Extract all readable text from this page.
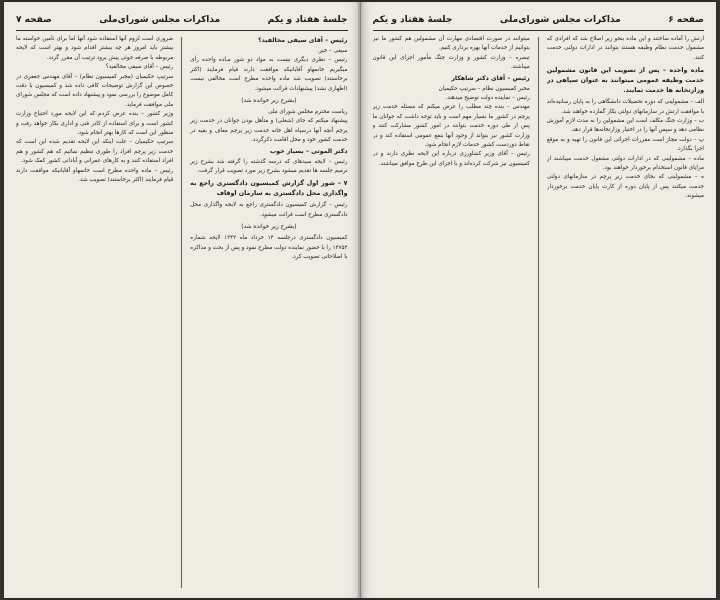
جلسهٔ هفتاد و یکم
مذاکرات مجلس شورای‌ملی
صفحه ۷

رئیس – آقای سیفی مخالفید؟

سیفی – خیر.

رئیس – نظری دیگری نیست به مواد دو شور مـاده واحده رأی میگیریم خانمهاو آقایانیکه موافقت دارند قیام فرمایند (اکثر برخاستند) تصویب شد ماده واحده مطرح است مخالفی نیست (اظهاری نشد) پیشنهادات قرائت میشود.

(بشرح زیر خوانده شد)

ریاست محترم مجلس شورای ملی

پیشنهاد میکنم که جای (شغلی) و متأهل بودن جوانان در خدمت زیر پرچم آنچه آنها درسپاه اهل خانه خدمت زیر پرچم معاف و بقیه در خدمت کشور خود و محل اقامت ذکرگردد.

دکتر الموتی – بسیار خوب

رئیس – لایحه سیدهای که درسه گذشته را گرفته شد بشرح زیر ترمیم جلسه ها تقدیم میشود بشرح زیر مورد تصویب قرار گرفت.

۷ – شور اول گزارش کمیسیون دادگستری راجع به واگذاری محل دادگستری به سازمان اوقاف

رئیس – گزارش کمیسیون دادگستری راجع به لایحه واگذاری محل دادگستری مطرح است قرائت میشود.

(بشرح زیر خوانده شد)

کمیسیون دادگستری درجلسه ۱۴ خرداد ماه ۱۳۴۲ لایحه شماره ۱۴۷۵۴ را با حضور نماینده دولت مطرح نمود و پس از بحث و مذاکره با اصلاحاتی تصویب کرد.

ضروری است لزوم آنها استفاده شود آنها اما برای تأمین خواسته ما بیشتر باید امروز هر چه بیشتر اقدام شود و بهتر است که لایحه مربوطه با صرفه جوئی پیش برود ترتیب آن مقرر گردد.

رئیس – آقای سیفی مخالفید؟

سرتیپ حکیمیان (مخبر کمیسیون نظام) – آقای مهندس جعفری در خصوص این گزارش توضیحات کافی داده شد و کمیسیون با دقت کامل موضوع را بررسی نمود و پیشنهاد داده است که مجلس شورای ملی موافقت فرماید.

وزیر کشور – بنده عرض کردم که این لایحه مورد احتیاج وزارت کشور است و برای استفاده از کادر فنی و اداری بکار خواهد رفت و منظور این است که کارها بهتر انجام شود.

سرتیپ حکیمیان – علت اینکه این لایحه تقدیم شده این است که خدمت زیر پرچم افراد را طوری تنظیم نمائیم که هم کشور و هم افراد استفاده کنند و به کارهای عمرانی و آبادانی کشور کمک شود.

رئیس – ماده واحده مطرح است خانمهاو آقایانیکه موافقت دارند قیام فرمایند (اکثر برخاستند) تصویب شد.

صفحه ۶
مذاکرات مجلس شورای‌ملی
جلسهٔ هفتاد و یکم

ارتش را آماده ساختند و این ماده بنحو زیر اصلاح شد که افرادی که مشمول خدمت نظام وظیفه هستند بتوانند در ادارات دولتی خدمت کنند.

ماده واحده – پس از تصویب این قانون مشمولین خدمت وظیفه عمومی میتوانند به عنوان سپاهی در وزارتخانه ها خدمت نمایند.

الف – مشمولینی که دوره تحصیلات دانشگاهی را به پایان رسانیده‌اند با موافقت ارتش در سازمانهای دولتی بکار گمارده خواهند شد.

ب – وزارت جنگ مکلف است این مشمولین را به مدت لازم آموزش نظامی دهد و سپس آنها را در اختیار وزارتخانه‌ها قرار دهد.

پ – دولت مجاز است مقررات اجرائی این قانون را تهیه و به موقع اجرا بگذارد.

ماده – مشمولینی که در ادارات دولتی مشغول خدمت میباشند از مزایای قانون استخدام برخوردار خواهند بود.

ه – مشمولینی که بجای خدمت زیر پرچم در سازمانهای دولتی خدمت میکنند پس از پایان دوره از کارت پایان خدمت برخوردار میشوند.

میتوانند در صورت اقتصادی مهارت آن مشمولین هم کشور ما نیز بتوانیم از خدمات آنها بهره برداری کنیم.

تبصره – وزارت کشور و وزارت جنگ مأمور اجرای این قانون میباشند.

رئیس – آقای دکتر شاهکار

مخبر کمیسیون نظام – سرتیپ حکیمیان

رئیس – نماینده دولت توضیح میدهند.

مهندس – بنده چند مطلب را عرض میکنم که مسئله خدمت زیر پرچم در کشور ما بسیار مهم است و باید توجه داشت که جوانان ما پس از طی دوره خدمت بتوانند در امور کشور مشارکت کنند و وزارت کشور نیز بتواند از وجود آنها بنفع عمومی استفاده کند و در نقاط دوردست کشور خدمات لازم انجام شود.

رئیس – آقای وزیر کشاورزی درباره این لایحه نظری دارند و در کمیسیون نیز شرکت کرده‌اند و با اجرای این طرح موافق میباشند.
